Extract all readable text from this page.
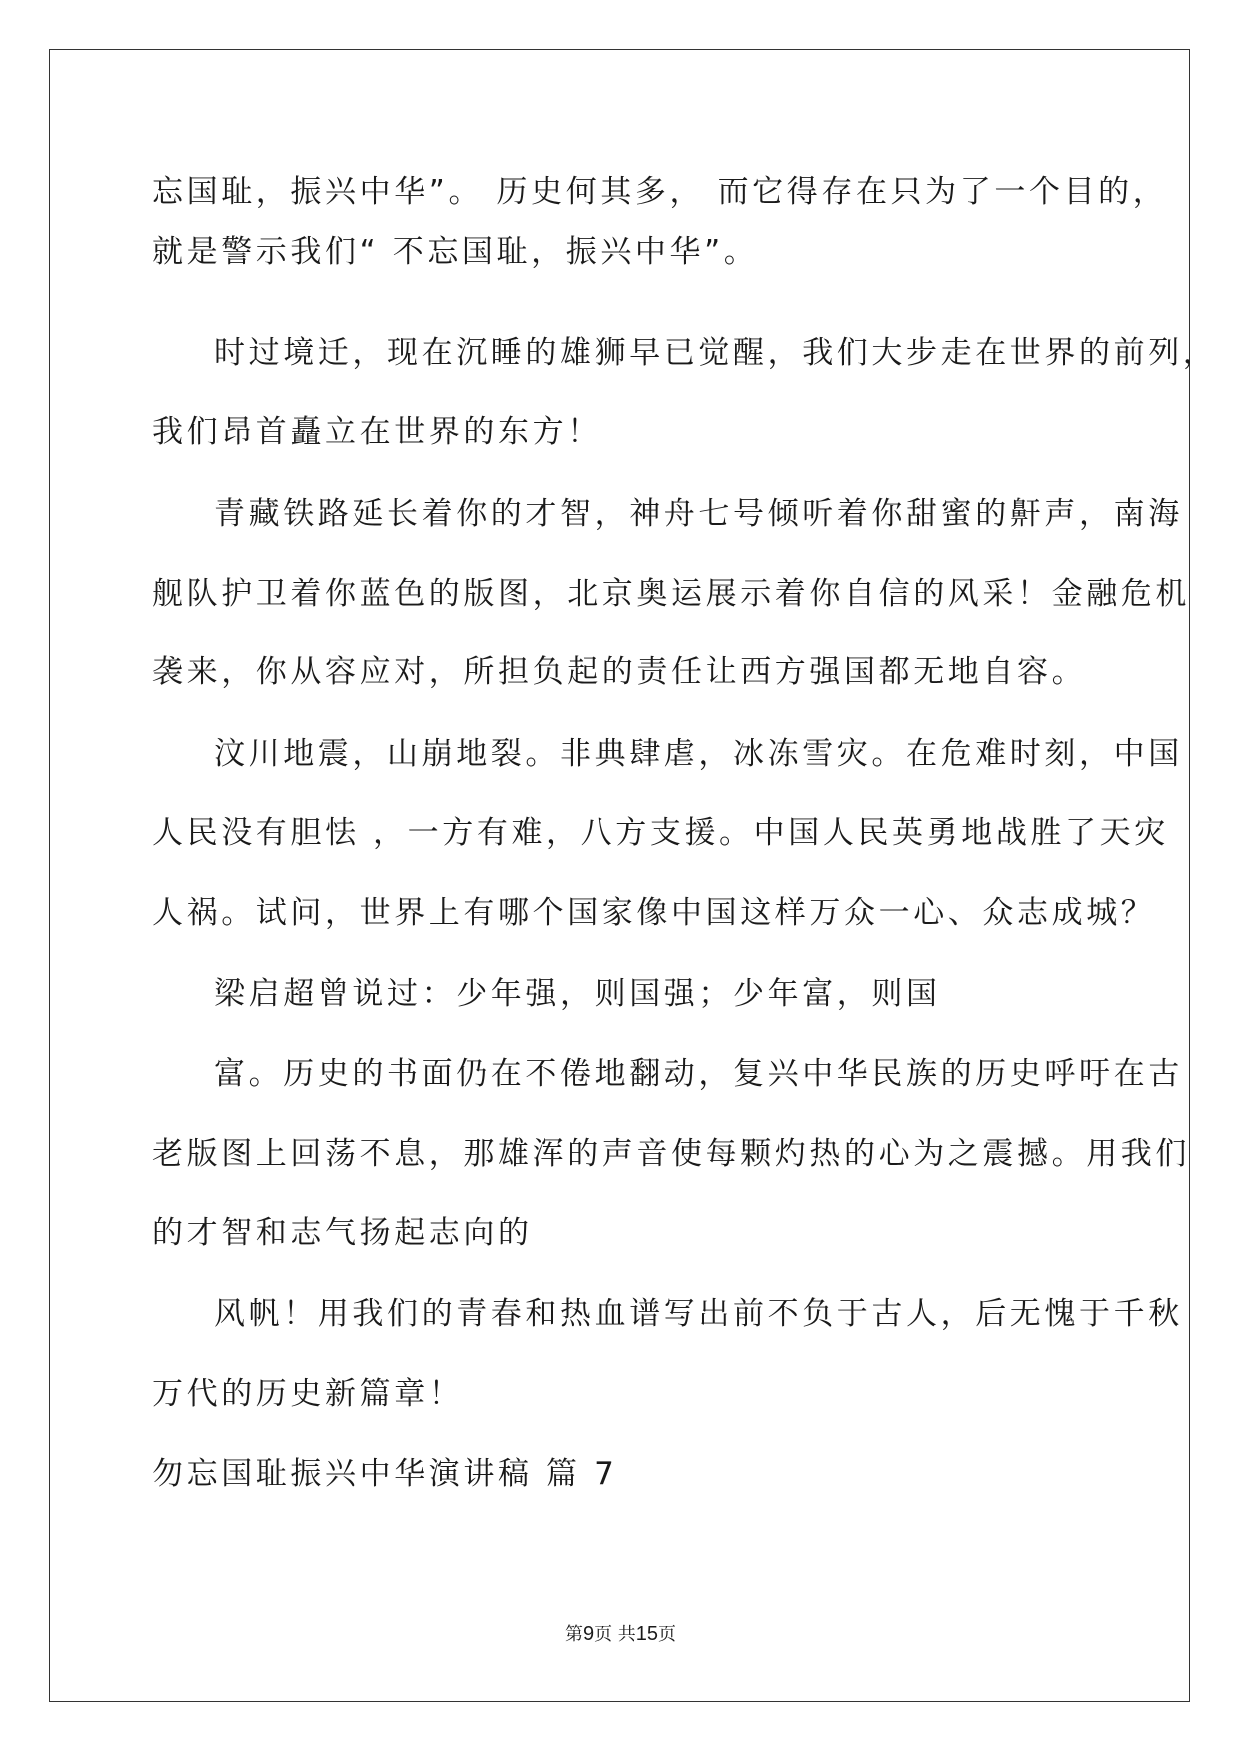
忘国耻，振兴中华”。 历史何其多， 而它得存在只为了一个目的，
就是警示我们“ 不忘国耻，振兴中华”。
时过境迁，现在沉睡的雄狮早已觉醒，我们大步走在世界的前列，
我们昂首矗立在世界的东方！
青藏铁路延长着你的才智，神舟七号倾听着你甜蜜的鼾声，南海
舰队护卫着你蓝色的版图，北京奥运展示着你自信的风采！金融危机
袭来，你从容应对，所担负起的责任让西方强国都无地自容。
汶川地震，山崩地裂。非典肆虐，冰冻雪灾。在危难时刻，中国
人民没有胆怯 ，一方有难，八方支援。中国人民英勇地战胜了天灾
人祸。试问，世界上有哪个国家像中国这样万众一心、众志成城？
梁启超曾说过：少年强，则国强；少年富，则国
富。历史的书面仍在不倦地翻动，复兴中华民族的历史呼吁在古
老版图上回荡不息，那雄浑的声音使每颗灼热的心为之震撼。用我们
的才智和志气扬起志向的
风帆！用我们的青春和热血谱写出前不负于古人，后无愧于千秋
万代的历史新篇章！
勿忘国耻振兴中华演讲稿 篇 7
第9页 共15页
